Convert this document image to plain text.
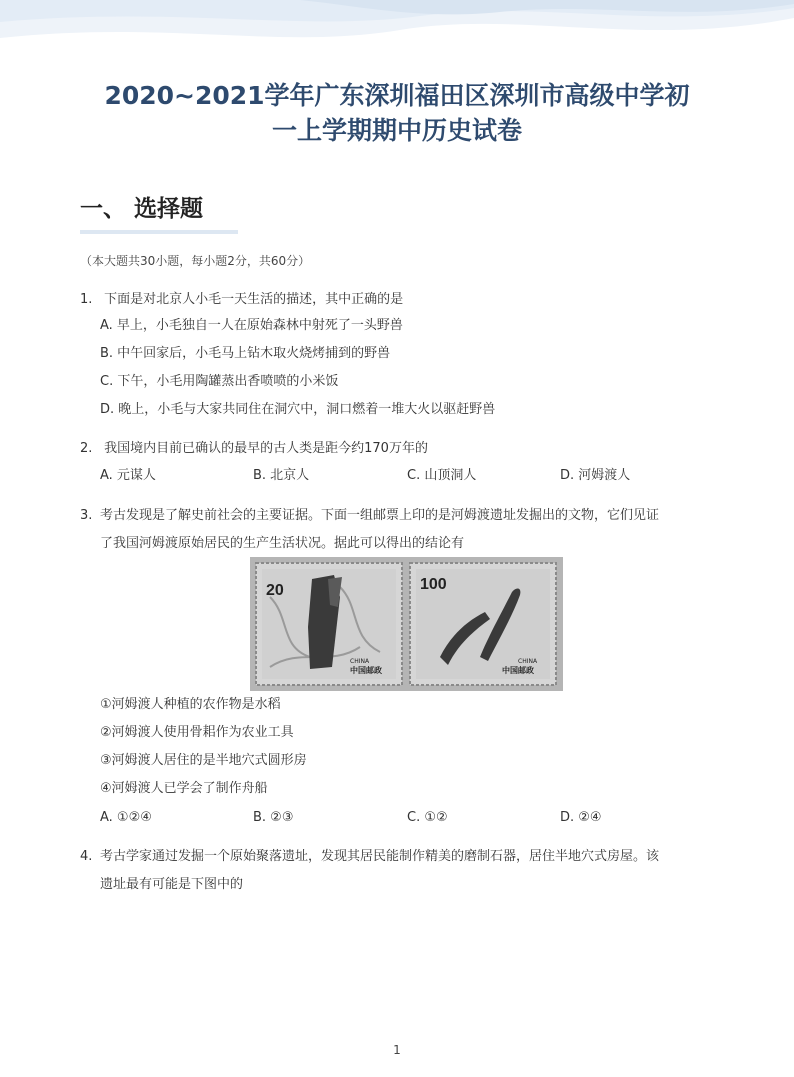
2020~2021学年广东深圳福田区深圳市高级中学初
一上学期期中历史试卷
一、 选择题
（本大题共30小题，每小题2分，共60分）
1. 下面是对北京人小毛一天生活的描述，其中正确的是
A. 早上，小毛独自一人在原始森林中射死了一头野兽
B. 中午回家后，小毛马上钻木取火烧烤捕到的野兽
C. 下午，小毛用陶罐蒸出香喷喷的小米饭
D. 晚上，小毛与大家共同住在洞穴中，洞口燃着一堆大火以驱赶野兽
2. 我国境内目前已确认的最早的古人类是距今约170万年的
A. 元谋人	B. 北京人	C. 山顶洞人	D. 河姆渡人
3. 考古发现是了解史前社会的主要证据。下面一组邮票上印的是河姆渡遗址发掘出的文物，它们见证
了我国河姆渡原始居民的生产生活状况。据此可以得出的结论有
20
CHINA
中国邮政
100
CHINA
中国邮政
①河姆渡人种植的农作物是水稻
②河姆渡人使用骨耜作为农业工具
③河姆渡人居住的是半地穴式圆形房
④河姆渡人已学会了制作舟船
A. ①②④	B. ②③	C. ①②	D. ②④
4. 考古学家通过发掘一个原始聚落遗址，发现其居民能制作精美的磨制石器，居住半地穴式房屋。该
遗址最有可能是下图中的
1
